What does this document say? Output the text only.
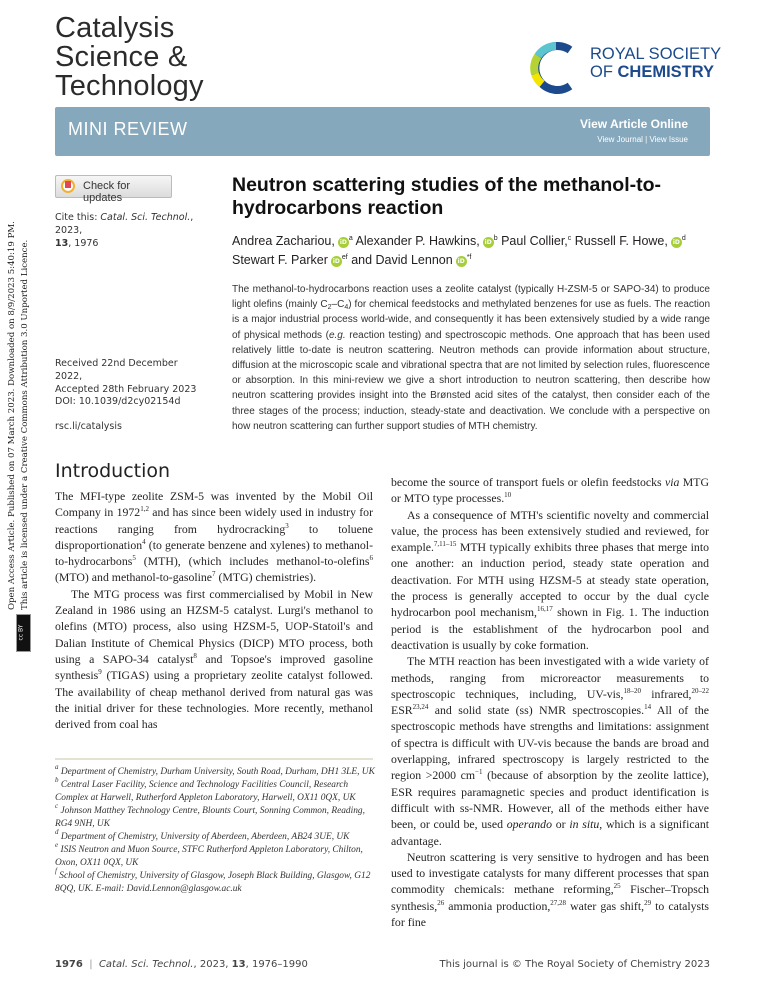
Open Access Article. Published on 07 March 2023. Downloaded on 8/9/2023 5:40:19 PM. This article is licensed under a Creative Commons Attribution 3.0 Unported Licence.
cc BY
Catalysis
Science &
Technology
ROYAL SOCIETY
OF CHEMISTRY
MINI REVIEW	View Article Online
View Journal | View Issue
Check for updates
Cite this: Catal. Sci. Technol., 2023,
13, 1976
Received 22nd December 2022,
Accepted 28th February 2023
DOI: 10.1039/d2cy02154d
rsc.li/catalysis
Neutron scattering studies of the methanol-to-hydrocarbons reaction
Andrea Zachariou, $iD^a$ Alexander P. Hawkins, $iD^b$ Paul Collier,$^c$ Russell F. Howe, $iD^d$ Stewart F. Parker $iD^{ef}$ and David Lennon $iD^{*f}$
The methanol-to-hydrocarbons reaction uses a zeolite catalyst (typically H-ZSM-5 or SAPO-34) to produce light olefins (mainly $C_2-C_4$) for chemical feedstocks and methylated benzenes for use as fuels. The reaction is a major industrial process world-wide, and consequently it has been extensively studied by a wide range of physical methods (e.g. reaction testing) and spectroscopic methods. One approach that has been used relatively little to-date is neutron scattering. Neutron methods can provide information about structure, diffusion at the microscopic scale and vibrational spectra that are not limited by selection rules, fluorescence or absorption. In this mini-review we give a short introduction to neutron scattering, then describe how neutron scattering provides insight into the Brønsted acid sites of the catalyst, then consider each of the three stages of the process; induction, steady-state and deactivation. We conclude with a perspective on how neutron scattering can further support studies of MTH chemistry.
Introduction

The MFI-type zeolite ZSM-5 was invented by the Mobil Oil Company in 1972$^{1,2}$ and has since been widely used in industry for reactions ranging from hydrocracking$^3$ to toluene disproportionation$^4$ (to generate benzene and xylenes) to methanol-to-hydrocarbons$^5$ (MTH), (which includes methanol-to-olefins$^6$ (MTO) and methanol-to-gasoline$^7$ (MTG) chemistries).

The MTG process was first commercialised by Mobil in New Zealand in 1986 using an HZSM-5 catalyst. Lurgi's methanol to olefins (MTO) process, also using HZSM-5, UOP-Statoil's and Dalian Institute of Chemical Physics (DICP) MTO process, both using a SAPO-34 catalyst$^8$ and Topsoe's improved gasoline synthesis$^9$ (TIGAS) using a proprietary zeolite catalyst followed. The availability of cheap methanol derived from natural gas was the initial driver for these technologies. More recently, methanol derived from coal has

$^a$ Department of Chemistry, Durham University, South Road, Durham, DH1 3LE, UK
$^b$ Central Laser Facility, Science and Technology Facilities Council, Research Complex at Harwell, Rutherford Appleton Laboratory, Harwell, OX11 0QX, UK
$^c$ Johnson Matthey Technology Centre, Blounts Court, Sonning Common, Reading, RG4 9NH, UK
$^d$ Department of Chemistry, University of Aberdeen, Aberdeen, AB24 3UE, UK
$^e$ ISIS Neutron and Muon Source, STFC Rutherford Appleton Laboratory, Chilton, Oxon, OX11 0QX, UK
$^f$ School of Chemistry, University of Glasgow, Joseph Black Building, Glasgow, G12 8QQ, UK. E-mail: David.Lennon@glasgow.ac.uk

become the source of transport fuels or olefin feedstocks via MTG or MTO type processes.$^{10}$

As a consequence of MTH's scientific novelty and commercial value, the process has been extensively studied and reviewed, for example.$^{7,11-15}$ MTH typically exhibits three phases that merge into one another: an induction period, steady state operation and deactivation. For MTH using HZSM-5 at steady state operation, the process is generally accepted to occur by the dual cycle hydrocarbon pool mechanism,$^{16,17}$ shown in Fig. 1. The induction period is the establishment of the hydrocarbon pool and deactivation is usually by coke formation.

The MTH reaction has been investigated with a wide variety of methods, ranging from microreactor measurements to spectroscopic techniques, including, UV-vis,$^{18-20}$ infrared,$^{20-22}$ ESR$^{23,24}$ and solid state (ss) NMR spectroscopies.$^{14}$ All of the spectroscopic methods have strengths and limitations: assignment of spectra is difficult with UV-vis because the bands are broad and overlapping, infrared spectroscopy is largely restricted to the region >2000 $cm^{-1}$ (because of absorption by the zeolite lattice), ESR requires paramagnetic species and product identification is difficult with ss-NMR. However, all of the methods either have been, or could be, used operando or in situ, which is a significant advantage.

Neutron scattering is very sensitive to hydrogen and has been used to investigate catalysts for many different processes that span commodity chemicals: methane reforming,$^{25}$ Fischer–Tropsch synthesis,$^{26}$ ammonia production,$^{27,28}$ water gas shift,$^{29}$ to catalysts for fine

1976  |  Catal. Sci. Technol., 2023, 13, 1976–1990	This journal is © The Royal Society of Chemistry 2023
